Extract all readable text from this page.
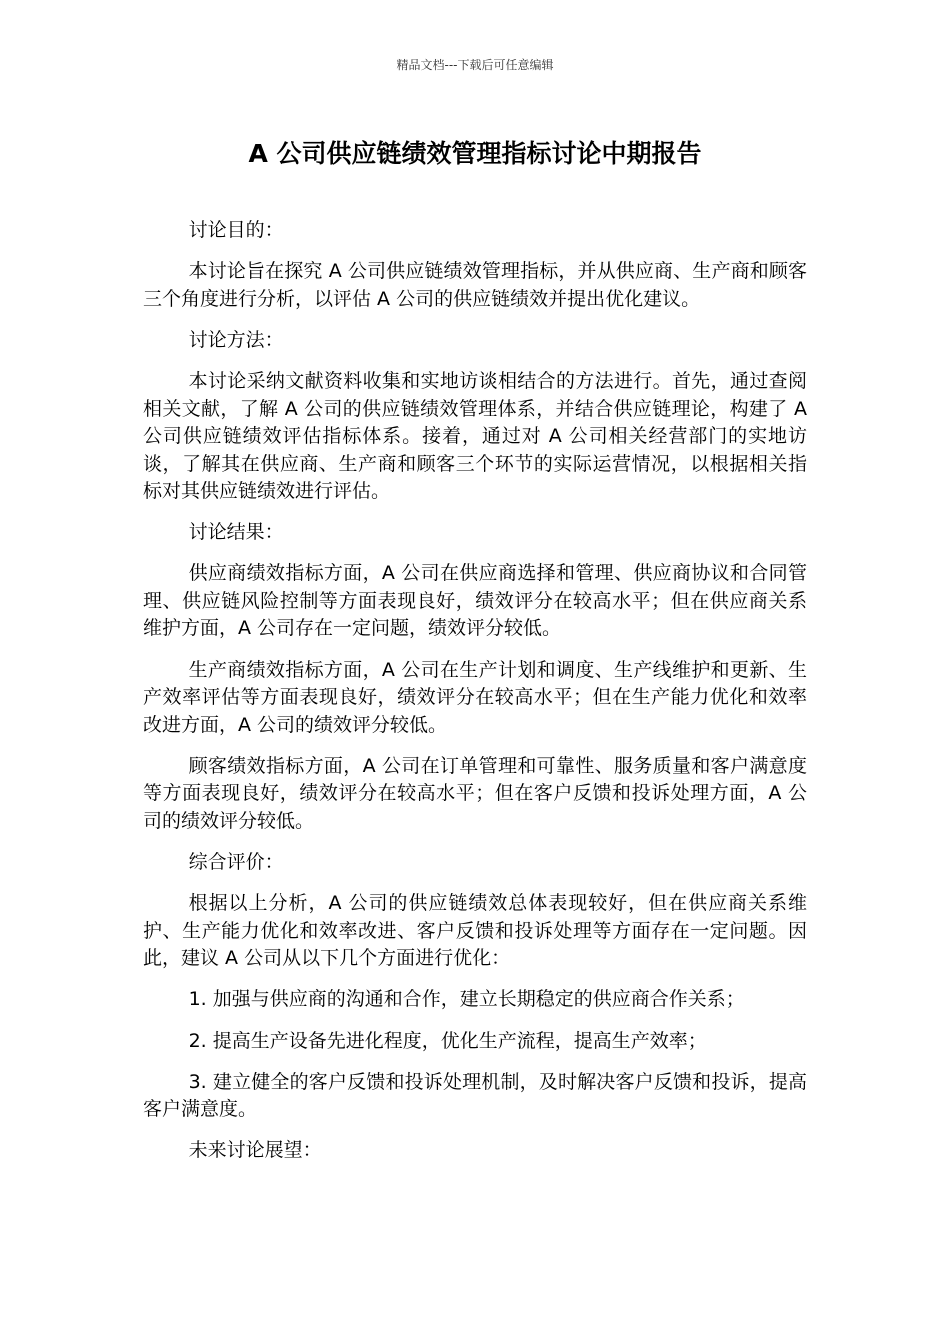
精品文档---下载后可任意编辑
A 公司供应链绩效管理指标讨论中期报告

讨论目的：

本讨论旨在探究 A 公司供应链绩效管理指标，并从供应商、生产商和顾客三个角度进行分析，以评估 A 公司的供应链绩效并提出优化建议。

讨论方法：

本讨论采纳文献资料收集和实地访谈相结合的方法进行。首先，通过查阅相关文献，了解 A 公司的供应链绩效管理体系，并结合供应链理论，构建了 A 公司供应链绩效评估指标体系。接着，通过对 A 公司相关经营部门的实地访谈，了解其在供应商、生产商和顾客三个环节的实际运营情况，以根据相关指标对其供应链绩效进行评估。

讨论结果：

供应商绩效指标方面，A 公司在供应商选择和管理、供应商协议和合同管理、供应链风险控制等方面表现良好，绩效评分在较高水平；但在供应商关系维护方面，A 公司存在一定问题，绩效评分较低。

生产商绩效指标方面，A 公司在生产计划和调度、生产线维护和更新、生产效率评估等方面表现良好，绩效评分在较高水平；但在生产能力优化和效率改进方面，A 公司的绩效评分较低。

顾客绩效指标方面，A 公司在订单管理和可靠性、服务质量和客户满意度等方面表现良好，绩效评分在较高水平；但在客户反馈和投诉处理方面，A 公司的绩效评分较低。

综合评价：

根据以上分析，A 公司的供应链绩效总体表现较好，但在供应商关系维护、生产能力优化和效率改进、客户反馈和投诉处理等方面存在一定问题。因此，建议 A 公司从以下几个方面进行优化：

1. 加强与供应商的沟通和合作，建立长期稳定的供应商合作关系；

2. 提高生产设备先进化程度，优化生产流程，提高生产效率；

3. 建立健全的客户反馈和投诉处理机制，及时解决客户反馈和投诉，提高客户满意度。

未来讨论展望：
